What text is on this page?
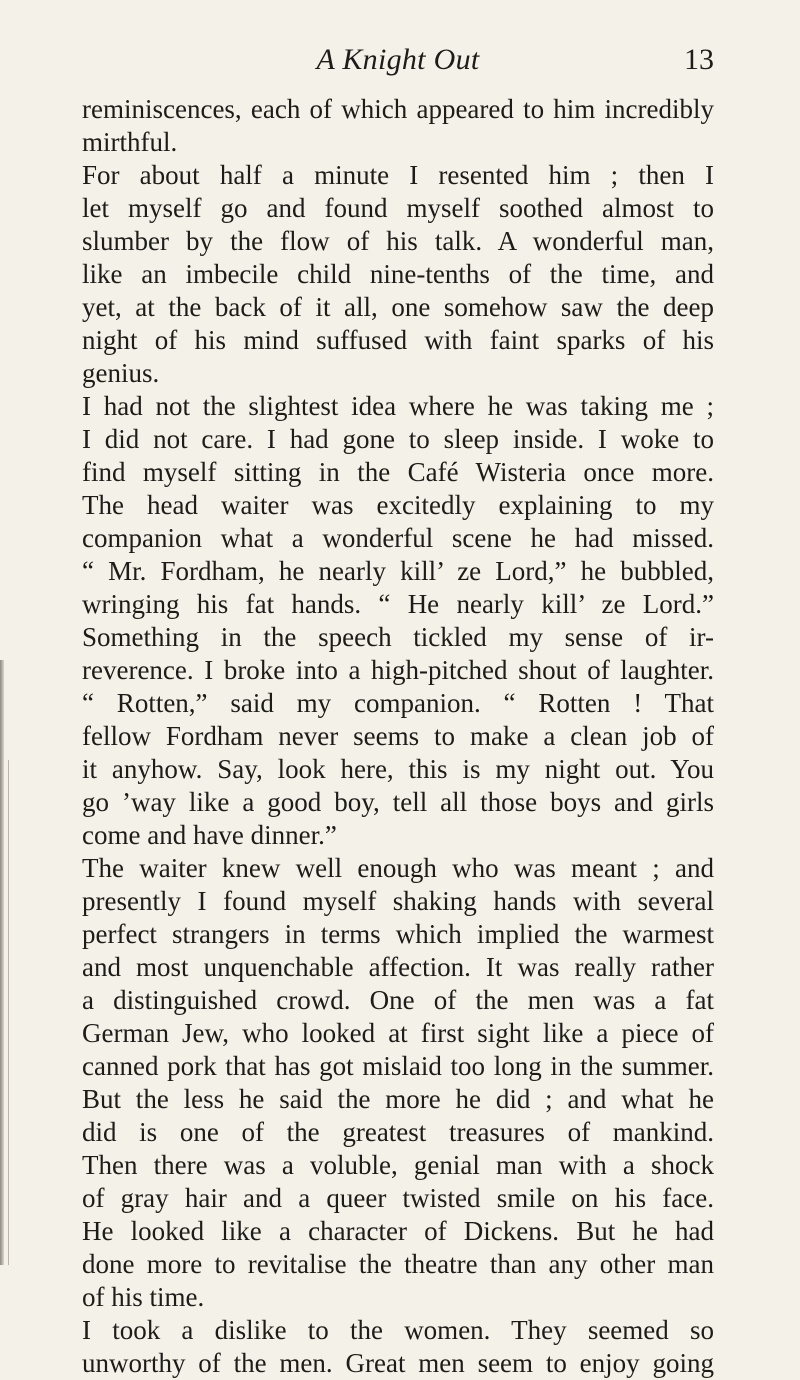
A Knight Out	13
reminiscences, each of which appeared to him incredibly
mirthful.
For about half a minute I resented him ; then I
let myself go and found myself soothed almost to
slumber by the flow of his talk. A wonderful man,
like an imbecile child nine-tenths of the time, and
yet, at the back of it all, one somehow saw the deep
night of his mind suffused with faint sparks of his
genius.
I had not the slightest idea where he was taking me ;
I did not care. I had gone to sleep inside. I woke to
find myself sitting in the Café Wisteria once more.
The head waiter was excitedly explaining to my
companion what a wonderful scene he had missed.
“ Mr. Fordham, he nearly kill’ ze Lord,” he bubbled,
wringing his fat hands. “ He nearly kill’ ze Lord.”
Something in the speech tickled my sense of ir-
reverence. I broke into a high-pitched shout of laughter.
“ Rotten,” said my companion. “ Rotten ! That
fellow Fordham never seems to make a clean job of
it anyhow. Say, look here, this is my night out. You
go ’way like a good boy, tell all those boys and girls
come and have dinner.”
The waiter knew well enough who was meant ; and
presently I found myself shaking hands with several
perfect strangers in terms which implied the warmest
and most unquenchable affection. It was really rather
a distinguished crowd. One of the men was a fat
German Jew, who looked at first sight like a piece of
canned pork that has got mislaid too long in the summer.
But the less he said the more he did ; and what he
did is one of the greatest treasures of mankind.
Then there was a voluble, genial man with a shock
of gray hair and a queer twisted smile on his face.
He looked like a character of Dickens. But he had
done more to revitalise the theatre than any other man
of his time.
I took a dislike to the women. They seemed so
unworthy of the men. Great men seem to enjoy going
